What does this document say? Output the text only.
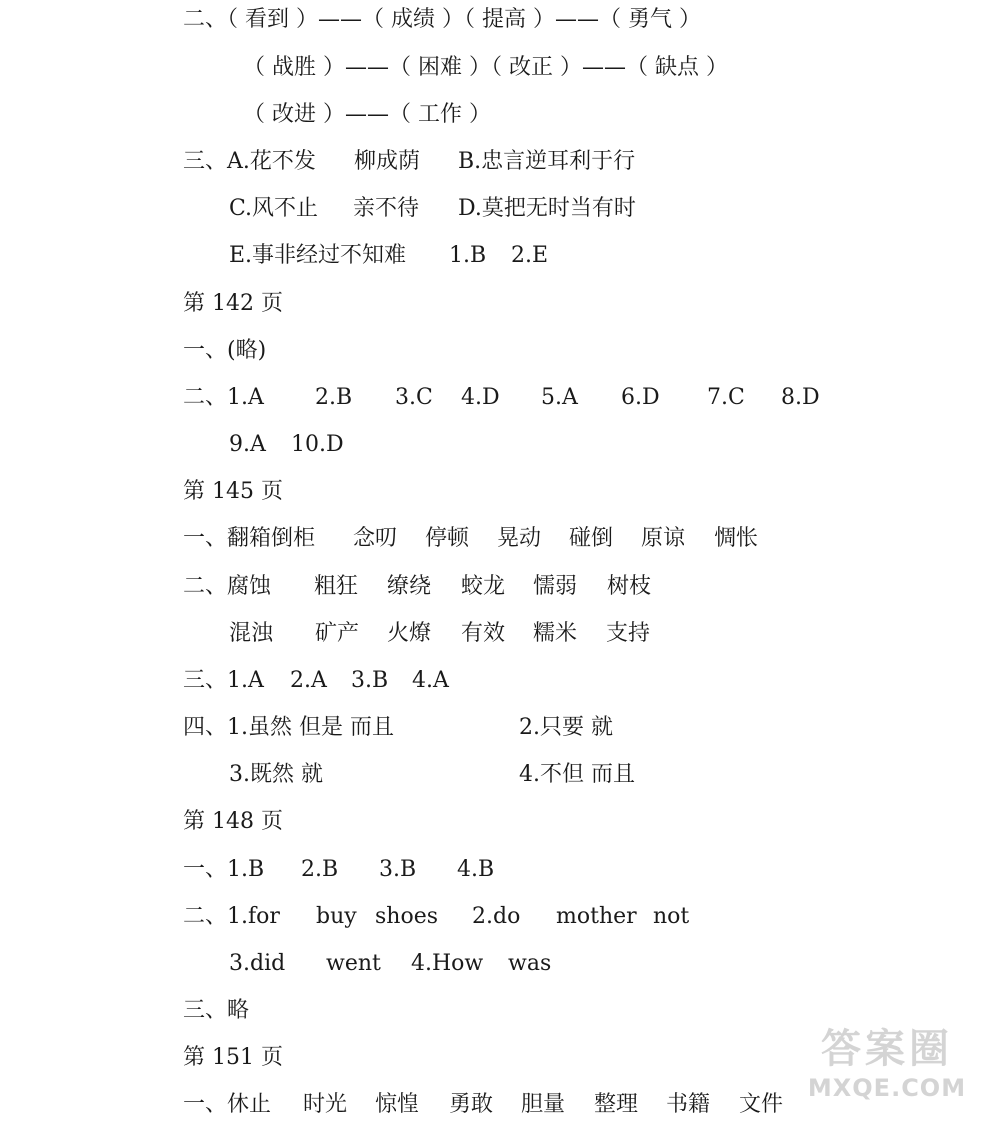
二、（ 看到 ）——（ 成绩 ）（ 提高 ）——（ 勇气 ）
（ 战胜 ）——（ 困难 ）（ 改正 ）——（ 缺点 ）
（ 改进 ）——（ 工作 ）
三、A.花不发 柳成荫 B.忠言逆耳利于行
C.风不止 亲不待 D.莫把无时当有时
E.事非经过不知难 1.B 2.E
第 142 页
一、(略)
二、1.A 2.B 3.C 4.D 5.A 6.D 7.C 8.D
9.A 10.D
第 145 页
一、翻箱倒柜 念叨 停顿 晃动 碰倒 原谅 惆怅
二、腐蚀 粗狂 缭绕 蛟龙 懦弱 树枝
混浊 矿产 火燎 有效 糯米 支持
三、1.A 2.A 3.B 4.A
四、1.虽然 但是 而且	2.只要 就
3.既然 就	4.不但 而且
第 148 页
一、1.B 2.B 3.B 4.B
二、1.for buy shoes 2.do mother not
3.did went 4.How was
三、略
第 151 页
一、休止 时光 惊惶 勇敢 胆量 整理 书籍 文件
答案圈
MXQE.COM
